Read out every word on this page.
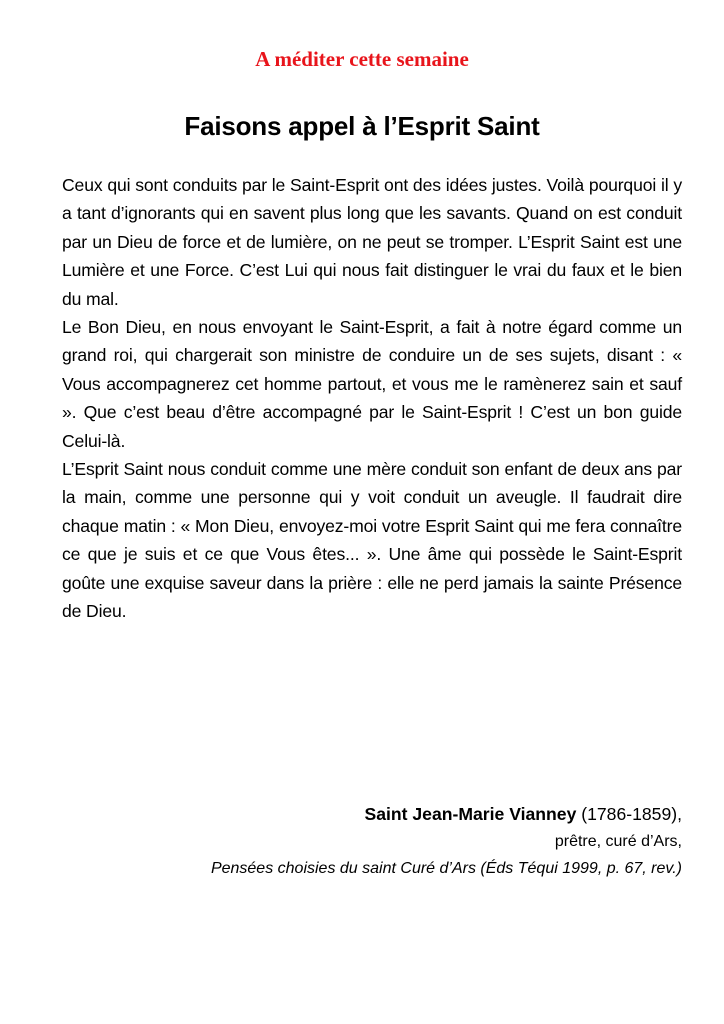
A méditer cette semaine
Faisons appel à l’Esprit Saint

Ceux qui sont conduits par le Saint-Esprit ont des idées justes. Voilà pourquoi il y a tant d’ignorants qui en savent plus long que les savants. Quand on est conduit par un Dieu de force et de lumière, on ne peut se tromper. L’Esprit Saint est une Lumière et une Force. C’est Lui qui nous fait distinguer le vrai du faux et le bien du mal.

Le Bon Dieu, en nous envoyant le Saint-Esprit, a fait à notre égard comme un grand roi, qui chargerait son ministre de conduire un de ses sujets, disant : « Vous accompagnerez cet homme partout, et vous me le ramènerez sain et sauf ». Que c’est beau d’être accompagné par le Saint-Esprit ! C’est un bon guide Celui-là.

L’Esprit Saint nous conduit comme une mère conduit son enfant de deux ans par la main, comme une personne qui y voit conduit un aveugle. Il faudrait dire chaque matin : « Mon Dieu, envoyez-moi votre Esprit Saint qui me fera connaître ce que je suis et ce que Vous êtes... ». Une âme qui possède le Saint-Esprit goûte une exquise saveur dans la prière : elle ne perd jamais la sainte Présence de Dieu.

Saint Jean-Marie Vianney (1786-1859),
prêtre, curé d’Ars,
Pensées choisies du saint Curé d’Ars (Éds Téqui 1999, p. 67, rev.)
